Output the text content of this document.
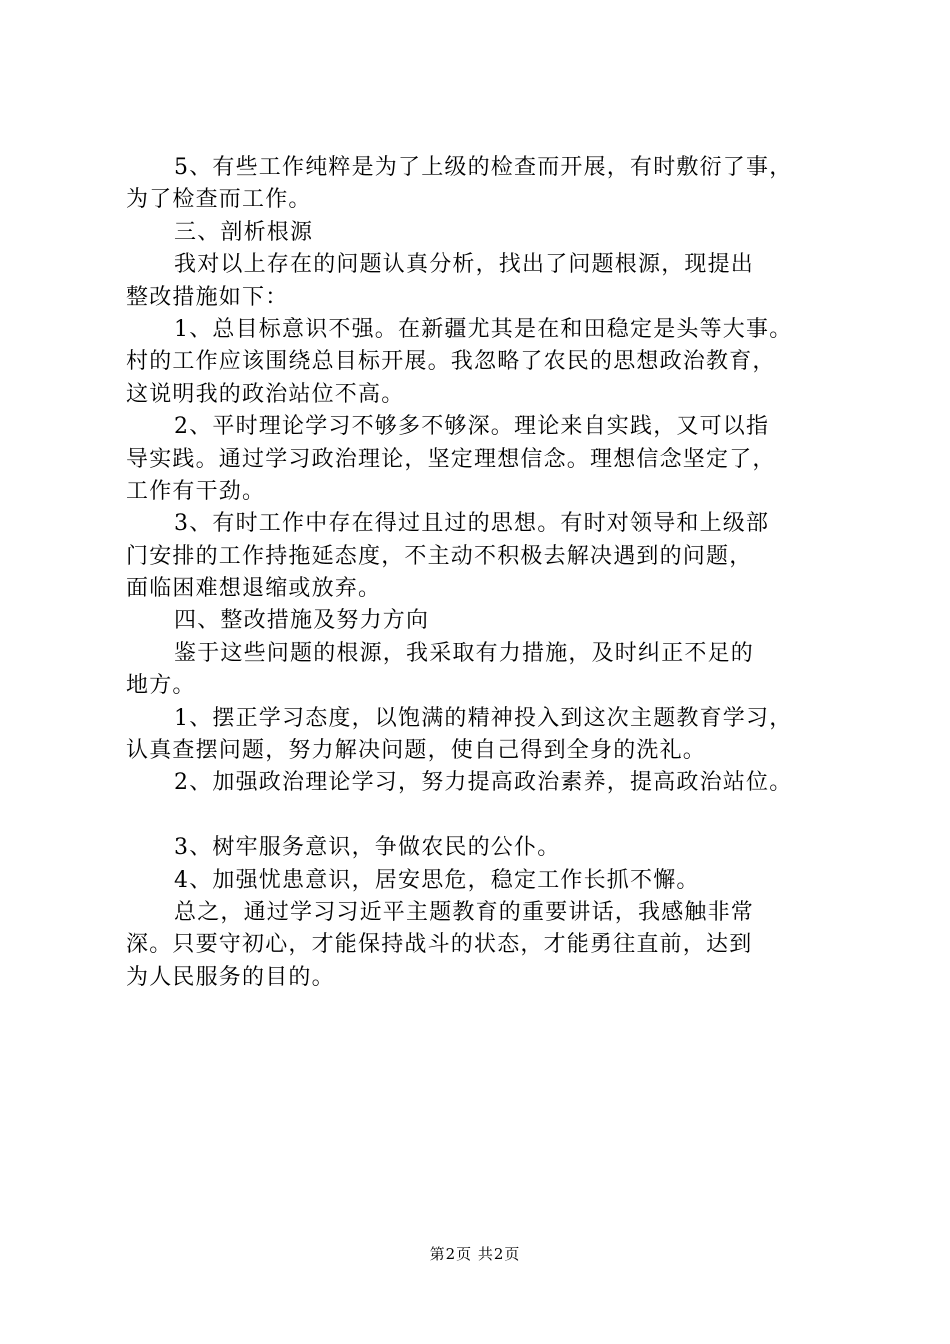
5、有些工作纯粹是为了上级的检查而开展，有时敷衍了事，
为了检查而工作。
三、剖析根源
我对以上存在的问题认真分析，找出了问题根源，现提出
整改措施如下：
1、总目标意识不强。在新疆尤其是在和田稳定是头等大事。
村的工作应该围绕总目标开展。我忽略了农民的思想政治教育，
这说明我的政治站位不高。
2、平时理论学习不够多不够深。理论来自实践，又可以指
导实践。通过学习政治理论，坚定理想信念。理想信念坚定了，
工作有干劲。
3、有时工作中存在得过且过的思想。有时对领导和上级部
门安排的工作持拖延态度，不主动不积极去解决遇到的问题，
面临困难想退缩或放弃。
四、整改措施及努力方向
鉴于这些问题的根源，我采取有力措施，及时纠正不足的
地方。
1、摆正学习态度，以饱满的精神投入到这次主题教育学习，
认真查摆问题，努力解决问题，使自己得到全身的洗礼。
2、加强政治理论学习，努力提高政治素养，提高政治站位。
3、树牢服务意识，争做农民的公仆。
4、加强忧患意识，居安思危，稳定工作长抓不懈。
总之，通过学习习近平主题教育的重要讲话，我感触非常
深。只要守初心，才能保持战斗的状态，才能勇往直前，达到
为人民服务的目的。
第2页 共2页
